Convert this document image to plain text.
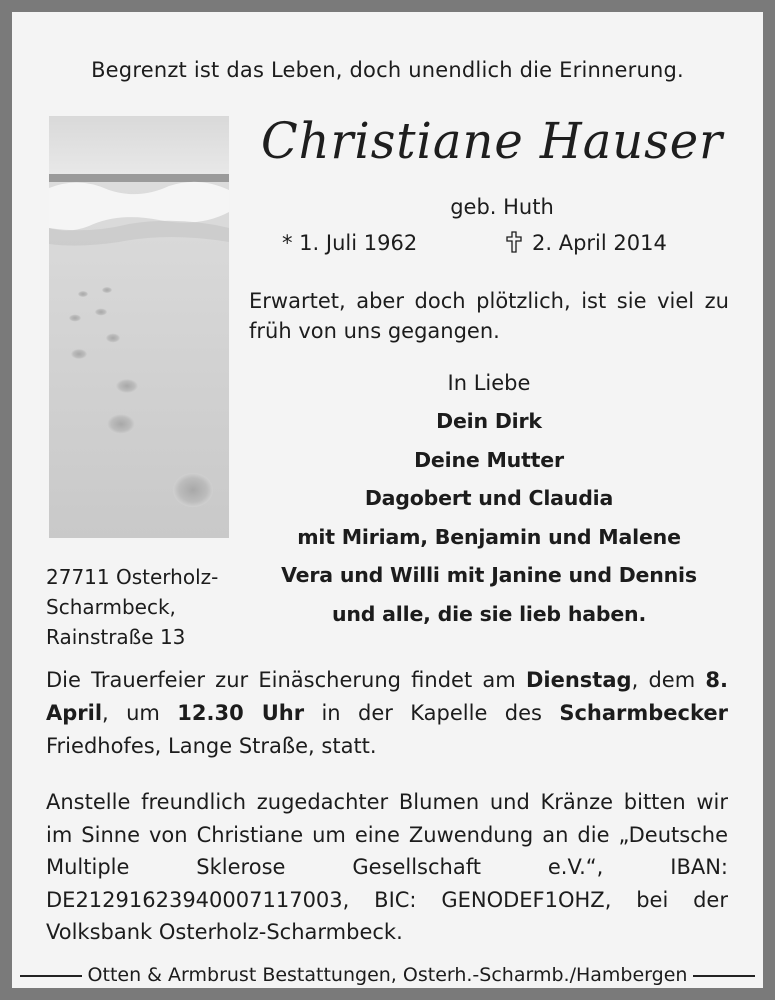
Begrenzt ist das Leben, doch unendlich die Erinnerung.

Christiane Hauser

geb. Huth

* 1. Juli 1962	2. April 2014

Erwartet, aber doch plötzlich, ist sie viel zu früh von uns gegangen.

In Liebe

Dein Dirk

Deine Mutter

Dagobert und Claudia

mit Miriam, Benjamin und Malene

Vera und Willi mit Janine und Dennis

und alle, die sie lieb haben.

27711 Osterholz-
Scharmbeck,
Rainstraße 13

Die Trauerfeier zur Einäscherung findet am Dienstag, dem 8. April, um 12.30 Uhr in der Kapelle des Scharmbecker Friedhofes, Lange Straße, statt.

Anstelle freundlich zugedachter Blumen und Kränze bitten wir im Sinne von Christiane um eine Zuwendung an die „Deutsche Multiple Sklerose Gesellschaft e.V.“, IBAN: DE21291623940007117003, BIC: GENODEF1OHZ, bei der Volksbank Osterholz-Scharmbeck.

Otten & Armbrust Bestattungen, Osterh.-Scharmb./Hambergen
